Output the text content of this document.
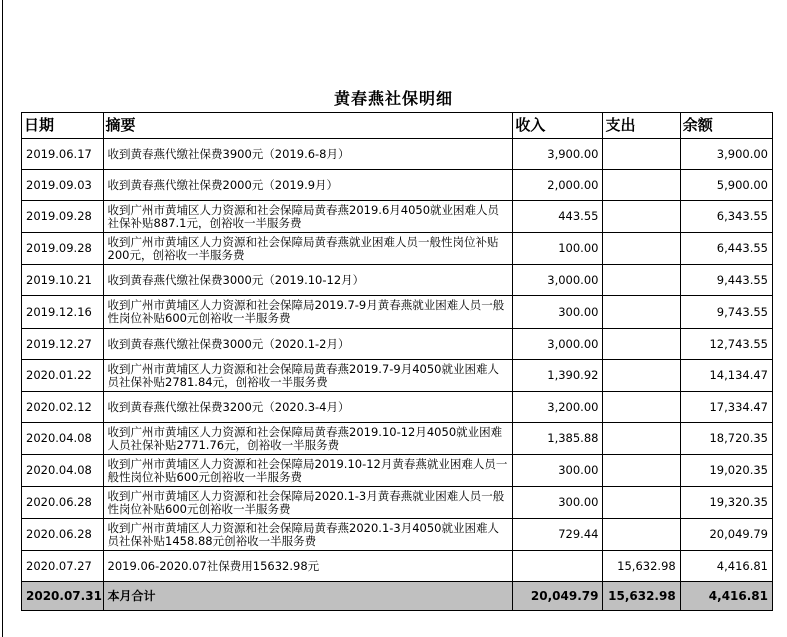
黄春燕社保明细
日期	摘要	收入	支出	余额
2019.06.17	收到黄春燕代缴社保费3900元（2019.6-8月）	3,900.00		3,900.00
2019.09.03	收到黄春燕代缴社保费2000元（2019.9月）	2,000.00		5,900.00
2019.09.28	收到广州市黄埔区人力资源和社会保障局黄春燕2019.6月4050就业困难人员社保补贴887.1元，创裕收一半服务费	443.55		6,343.55
2019.09.28	收到广州市黄埔区人力资源和社会保障局黄春燕就业困难人员一般性岗位补贴200元，创裕收一半服务费	100.00		6,443.55
2019.10.21	收到黄春燕代缴社保费3000元（2019.10-12月）	3,000.00		9,443.55
2019.12.16	收到广州市黄埔区人力资源和社会保障局2019.7-9月黄春燕就业困难人员一般性岗位补贴600元创裕收一半服务费	300.00		9,743.55
2019.12.27	收到黄春燕代缴社保费3000元（2020.1-2月）	3,000.00		12,743.55
2020.01.22	收到广州市黄埔区人力资源和社会保障局黄春燕2019.7-9月4050就业困难人员社保补贴2781.84元，创裕收一半服务费	1,390.92		14,134.47
2020.02.12	收到黄春燕代缴社保费3200元（2020.3-4月）	3,200.00		17,334.47
2020.04.08	收到广州市黄埔区人力资源和社会保障局黄春燕2019.10-12月4050就业困难人员社保补贴2771.76元，创裕收一半服务费	1,385.88		18,720.35
2020.04.08	收到广州市黄埔区人力资源和社会保障局2019.10-12月黄春燕就业困难人员一般性岗位补贴600元创裕收一半服务费	300.00		19,020.35
2020.06.28	收到广州市黄埔区人力资源和社会保障局2020.1-3月黄春燕就业困难人员一般性岗位补贴600元创裕收一半服务费	300.00		19,320.35
2020.06.28	收到广州市黄埔区人力资源和社会保障局黄春燕2020.1-3月4050就业困难人员社保补贴1458.88元创裕收一半服务费	729.44		20,049.79
2020.07.27	2019.06-2020.07社保费用15632.98元		15,632.98	4,416.81
2020.07.31	本月合计	20,049.79	15,632.98	4,416.81
